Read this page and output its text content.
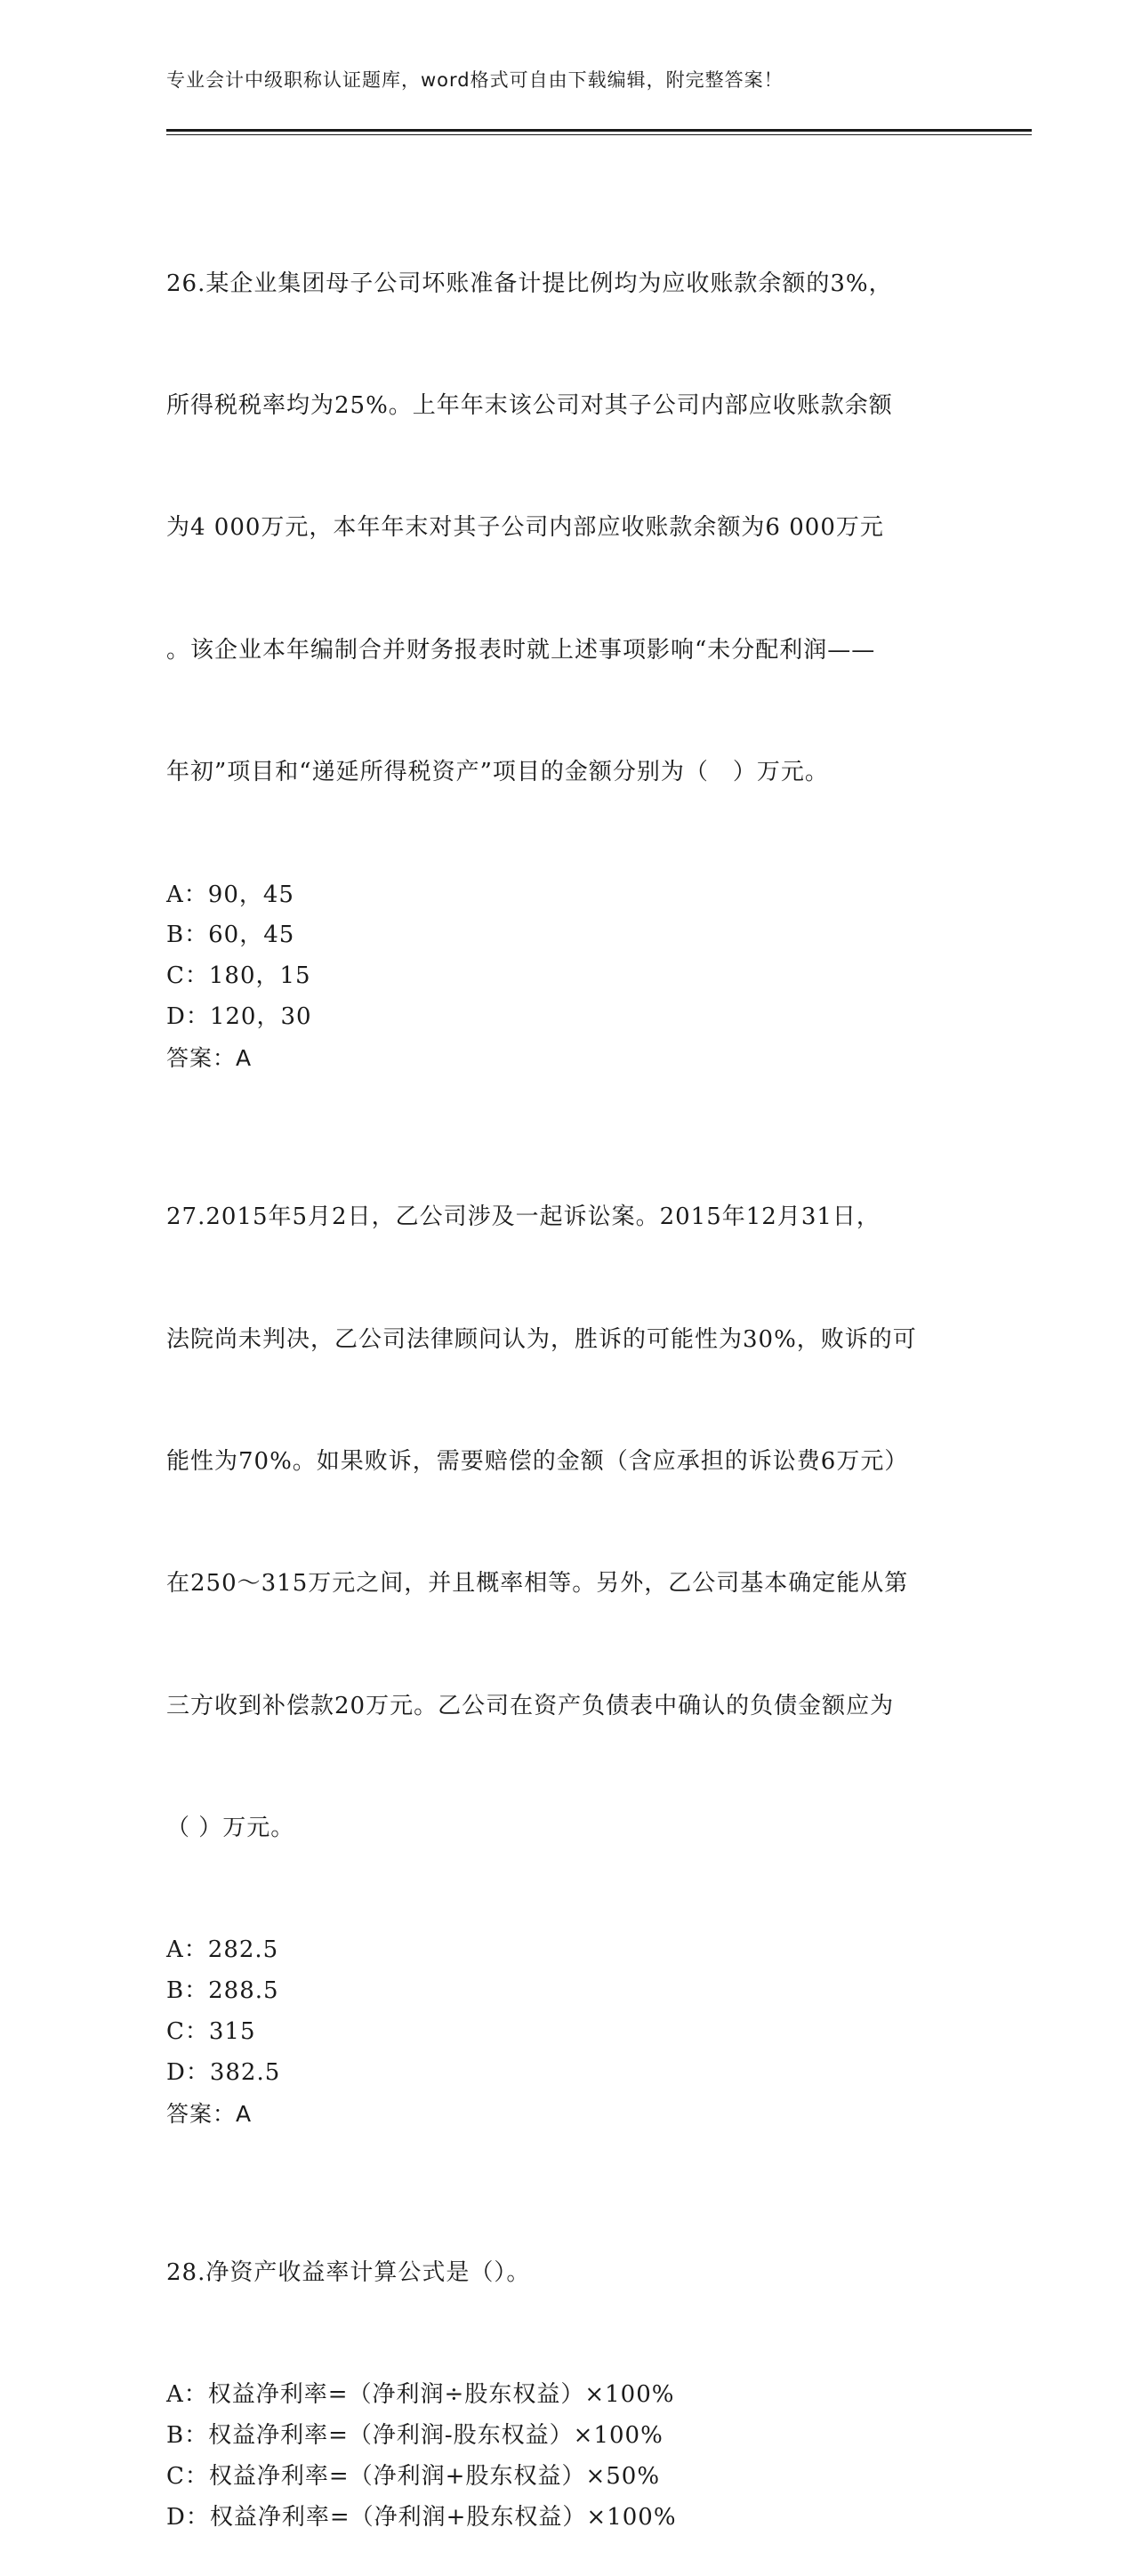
专业会计中级职称认证题库，word格式可自由下载编辑，附完整答案！

26.某企业集团母子公司坏账准备计提比例均为应收账款余额的3%，

所得税税率均为25%。上年年末该公司对其子公司内部应收账款余额

为4 000万元，本年年末对其子公司内部应收账款余额为6 000万元

。该企业本年编制合并财务报表时就上述事项影响“未分配利润——

年初”项目和“递延所得税资产”项目的金额分别为（　）万元。

A：90，45
B：60，45
C：180，15
D：120，30
答案：A

27.2015年5月2日，乙公司涉及一起诉讼案。2015年12月31日，

法院尚未判决，乙公司法律顾问认为，胜诉的可能性为30%，败诉的可

能性为70%。如果败诉，需要赔偿的金额（含应承担的诉讼费6万元）

在250～315万元之间，并且概率相等。另外，乙公司基本确定能从第

三方收到补偿款20万元。乙公司在资产负债表中确认的负债金额应为

（ ）万元。

A：282.5
B：288.5
C：315
D：382.5
答案：A

28.净资产收益率计算公式是（）。

A：权益净利率=（净利润÷股东权益）×100%
B：权益净利率=（净利润-股东权益）×100%
C：权益净利率=（净利润+股东权益）×50%
D：权益净利率=（净利润+股东权益）×100%
